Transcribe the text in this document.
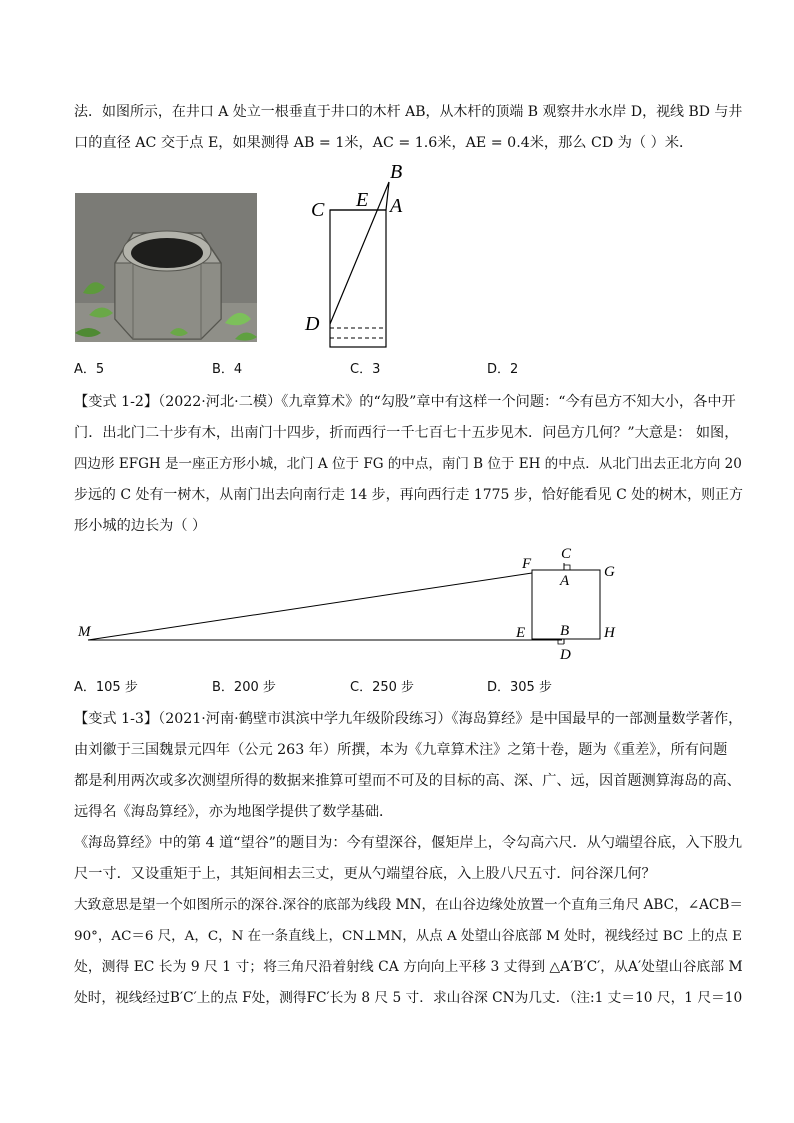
法．如图所示，在井口 A 处立一根垂直于井口的木杆 AB，从木杆的顶端 B 观察井水水岸 D，视线 BD 与井
口的直径 AC 交于点 E，如果测得 AB = 1米，AC = 1.6米，AE = 0.4米，那么 CD 为（ ）米．
B
C E A
D
A．5	B．4	C．3	D．2
【变式 1-2】（2022·河北·二模）《九章算术》的“勾股”章中有这样一个问题：“今有邑方不知大小，各中开
门．出北门二十步有木，出南门十四步，折而西行一千七百七十五步见木．问邑方几何？”大意是： 如图，
四边形 EFGH 是一座正方形小城，北门 A 位于 FG 的中点，南门 B 位于 EH 的中点．从北门出去正北方向 20
步远的 C 处有一树木，从南门出去向南行走 14 步，再向西行走 1775 步，恰好能看见 C 处的树木，则正方
形小城的边长为（ ）
F
C
G
A
M	E B H
D
A．105 步	B．200 步	C．250 步	D．305 步
【变式 1-3】（2021·河南·鹤壁市淇滨中学九年级阶段练习）《海岛算经》是中国最早的一部测量数学著作，
由刘徽于三国魏景元四年（公元 263 年）所撰，本为《九章算术注》之第十卷，题为《重差》，所有问题
都是利用两次或多次测望所得的数据来推算可望而不可及的目标的高、深、广、远，因首题测算海岛的高、
远得名《海岛算经》，亦为地图学提供了数学基础．
《海岛算经》中的第 4 道“望谷”的题目为：今有望深谷，偃矩岸上，令勾高六尺．从勺端望谷底，入下股九
尺一寸．又设重矩于上，其矩间相去三丈，更从勺端望谷底，入上股八尺五寸．问谷深几何？
大致意思是望一个如图所示的深谷.深谷的底部为线段 MN，在山谷边缘处放置一个直角三角尺 ABC，∠ACB＝
90°，AC＝6 尺，A，C，N 在一条直线上，CN⊥MN，从点 A 处望山谷底部 M 处时，视线经过 BC 上的点 E
处，测得 EC 长为 9 尺 1 寸；将三角尺沿着射线 CA 方向向上平移 3 丈得到 △A′B′C′，从A′处望山谷底部 M
处时，视线经过B′C′上的点 F处，测得FC′长为 8 尺 5 寸．求山谷深 CN为几丈．（注:1 丈＝10 尺，1 尺＝10
